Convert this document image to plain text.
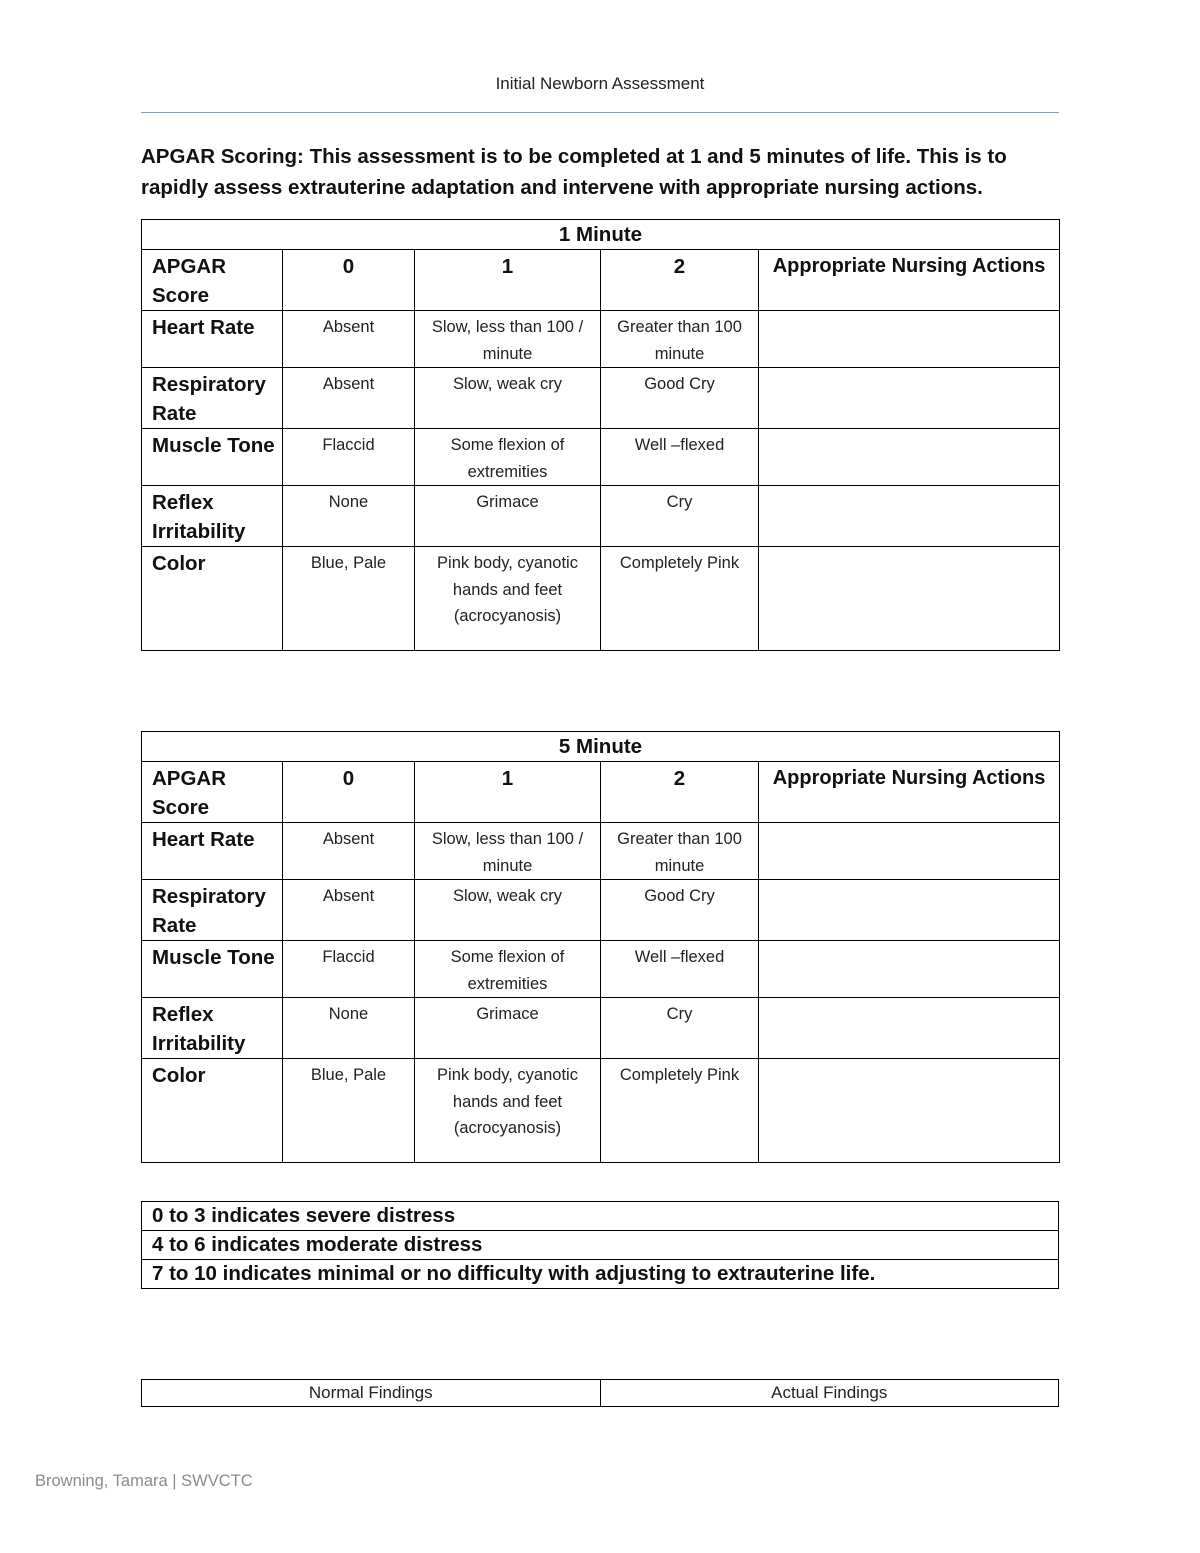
Initial Newborn Assessment
APGAR Scoring: This assessment is to be completed at 1 and 5 minutes of life. This is to rapidly assess extrauterine adaptation and intervene with appropriate nursing actions.
1 Minute				
APGAR Score	0	1	2	Appropriate Nursing Actions
Heart Rate	Absent	Slow, less than 100 / minute	Greater than 100 minute	
Respiratory Rate	Absent	Slow, weak cry	Good Cry	
Muscle Tone	Flaccid	Some flexion of extremities	Well –flexed	
Reflex Irritability	None	Grimace	Cry	
Color	Blue, Pale	Pink body, cyanotic hands and feet (acrocyanosis)	Completely Pink	
5 Minute				
APGAR Score	0	1	2	Appropriate Nursing Actions
Heart Rate	Absent	Slow, less than 100 / minute	Greater than 100 minute	
Respiratory Rate	Absent	Slow, weak cry	Good Cry	
Muscle Tone	Flaccid	Some flexion of extremities	Well –flexed	
Reflex Irritability	None	Grimace	Cry	
Color	Blue, Pale	Pink body, cyanotic hands and feet (acrocyanosis)	Completely Pink	
0 to 3 indicates severe distress
4 to 6 indicates moderate distress
7 to 10 indicates minimal or no difficulty with adjusting to extrauterine life.
Normal Findings	Actual Findings
Browning, Tamara | SWVCTC
